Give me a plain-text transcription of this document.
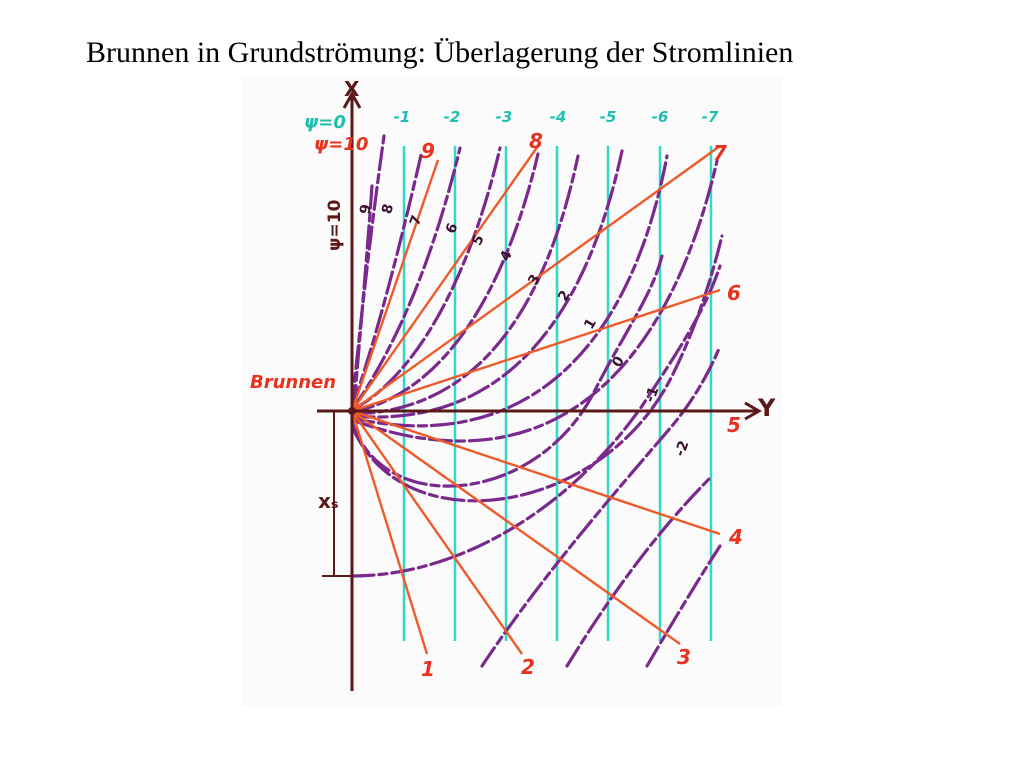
Brunnen in Grundströmung: Überlagerung der Stromlinien
X
Y
Brunnen
xₛ
ψ=10
ψ=0
ψ=10
-1 -2 -3 -4 -5 -6 -7
1	2	3
4
5
6
7
8
9
9 8
7
6
5
4
3
2
1
0
-1
-2
